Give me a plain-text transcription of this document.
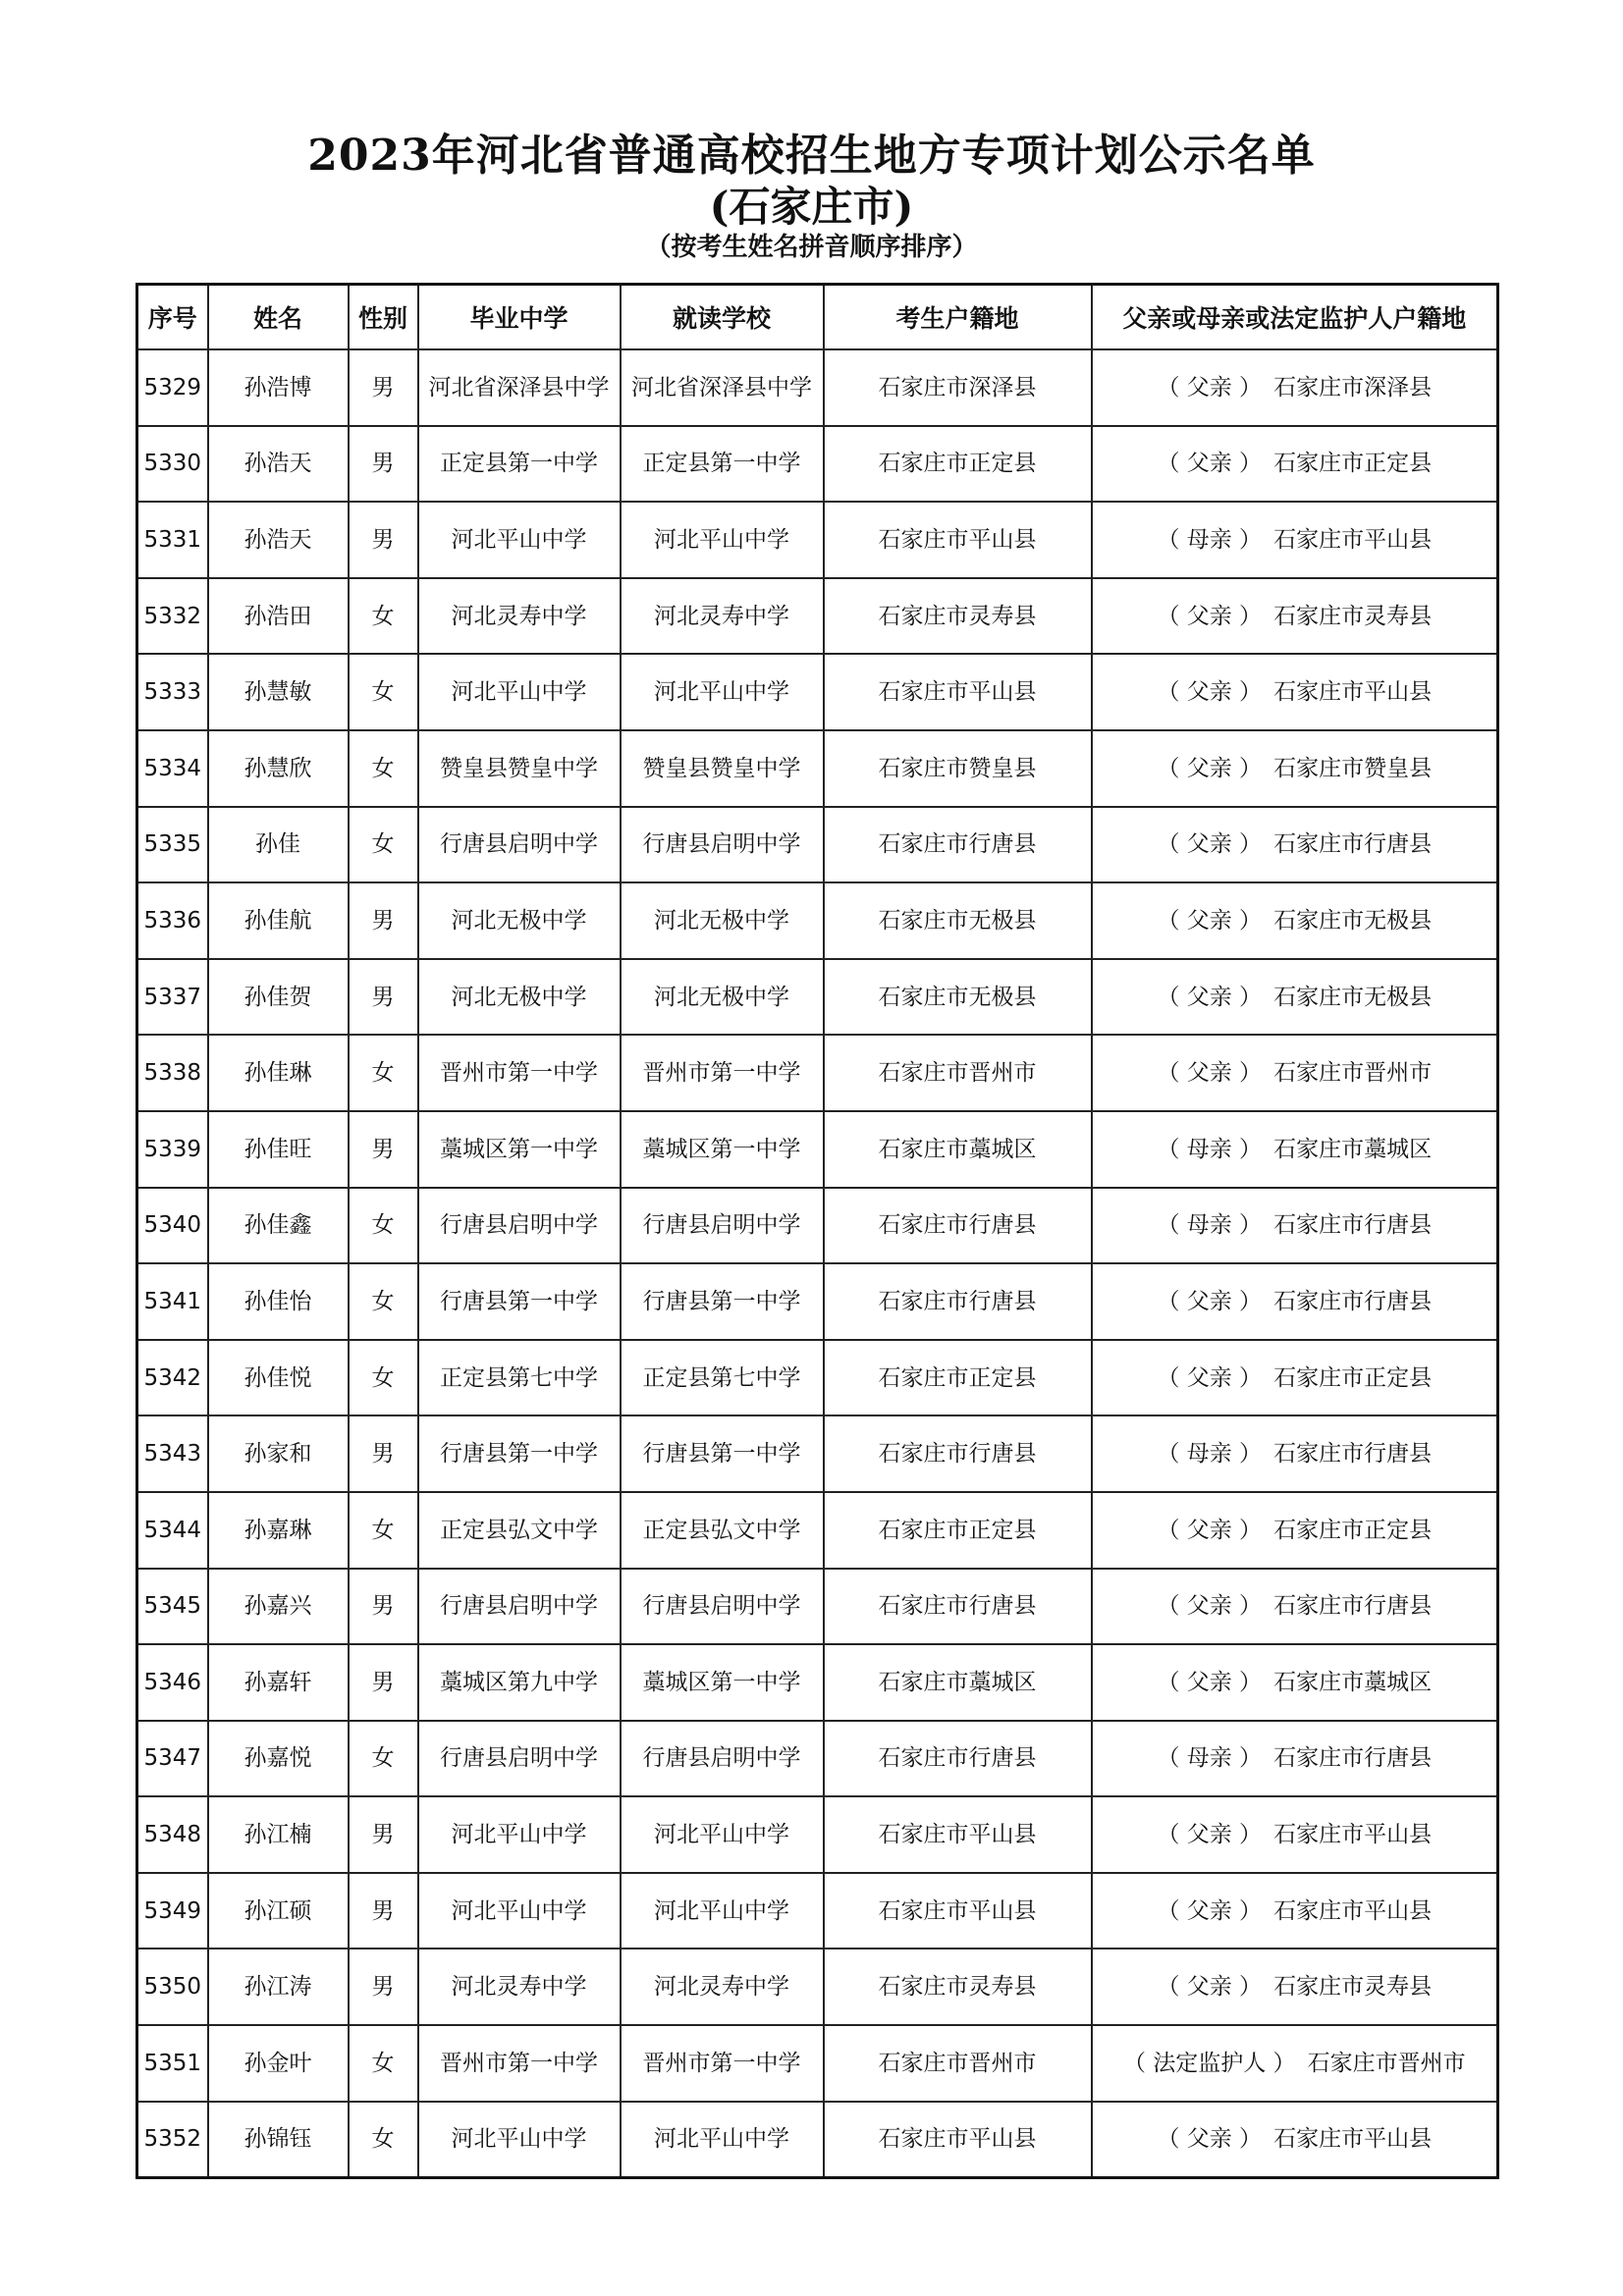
2023年河北省普通高校招生地方专项计划公示名单
(石家庄市)
（按考生姓名拼音顺序排序）
序号	姓名	性别	毕业中学	就读学校	考生户籍地	父亲或母亲或法定监护人户籍地
5329	孙浩博	男	河北省深泽县中学	河北省深泽县中学	石家庄市深泽县	（ 父亲 ） 石家庄市深泽县
5330	孙浩天	男	正定县第一中学	正定县第一中学	石家庄市正定县	（ 父亲 ） 石家庄市正定县
5331	孙浩天	男	河北平山中学	河北平山中学	石家庄市平山县	（ 母亲 ） 石家庄市平山县
5332	孙浩田	女	河北灵寿中学	河北灵寿中学	石家庄市灵寿县	（ 父亲 ） 石家庄市灵寿县
5333	孙慧敏	女	河北平山中学	河北平山中学	石家庄市平山县	（ 父亲 ） 石家庄市平山县
5334	孙慧欣	女	赞皇县赞皇中学	赞皇县赞皇中学	石家庄市赞皇县	（ 父亲 ） 石家庄市赞皇县
5335	孙佳	女	行唐县启明中学	行唐县启明中学	石家庄市行唐县	（ 父亲 ） 石家庄市行唐县
5336	孙佳航	男	河北无极中学	河北无极中学	石家庄市无极县	（ 父亲 ） 石家庄市无极县
5337	孙佳贺	男	河北无极中学	河北无极中学	石家庄市无极县	（ 父亲 ） 石家庄市无极县
5338	孙佳琳	女	晋州市第一中学	晋州市第一中学	石家庄市晋州市	（ 父亲 ） 石家庄市晋州市
5339	孙佳旺	男	藁城区第一中学	藁城区第一中学	石家庄市藁城区	（ 母亲 ） 石家庄市藁城区
5340	孙佳鑫	女	行唐县启明中学	行唐县启明中学	石家庄市行唐县	（ 母亲 ） 石家庄市行唐县
5341	孙佳怡	女	行唐县第一中学	行唐县第一中学	石家庄市行唐县	（ 父亲 ） 石家庄市行唐县
5342	孙佳悦	女	正定县第七中学	正定县第七中学	石家庄市正定县	（ 父亲 ） 石家庄市正定县
5343	孙家和	男	行唐县第一中学	行唐县第一中学	石家庄市行唐县	（ 母亲 ） 石家庄市行唐县
5344	孙嘉琳	女	正定县弘文中学	正定县弘文中学	石家庄市正定县	（ 父亲 ） 石家庄市正定县
5345	孙嘉兴	男	行唐县启明中学	行唐县启明中学	石家庄市行唐县	（ 父亲 ） 石家庄市行唐县
5346	孙嘉轩	男	藁城区第九中学	藁城区第一中学	石家庄市藁城区	（ 父亲 ） 石家庄市藁城区
5347	孙嘉悦	女	行唐县启明中学	行唐县启明中学	石家庄市行唐县	（ 母亲 ） 石家庄市行唐县
5348	孙江楠	男	河北平山中学	河北平山中学	石家庄市平山县	（ 父亲 ） 石家庄市平山县
5349	孙江硕	男	河北平山中学	河北平山中学	石家庄市平山县	（ 父亲 ） 石家庄市平山县
5350	孙江涛	男	河北灵寿中学	河北灵寿中学	石家庄市灵寿县	（ 父亲 ） 石家庄市灵寿县
5351	孙金叶	女	晋州市第一中学	晋州市第一中学	石家庄市晋州市	（ 法定监护人 ） 石家庄市晋州市
5352	孙锦钰	女	河北平山中学	河北平山中学	石家庄市平山县	（ 父亲 ） 石家庄市平山县
